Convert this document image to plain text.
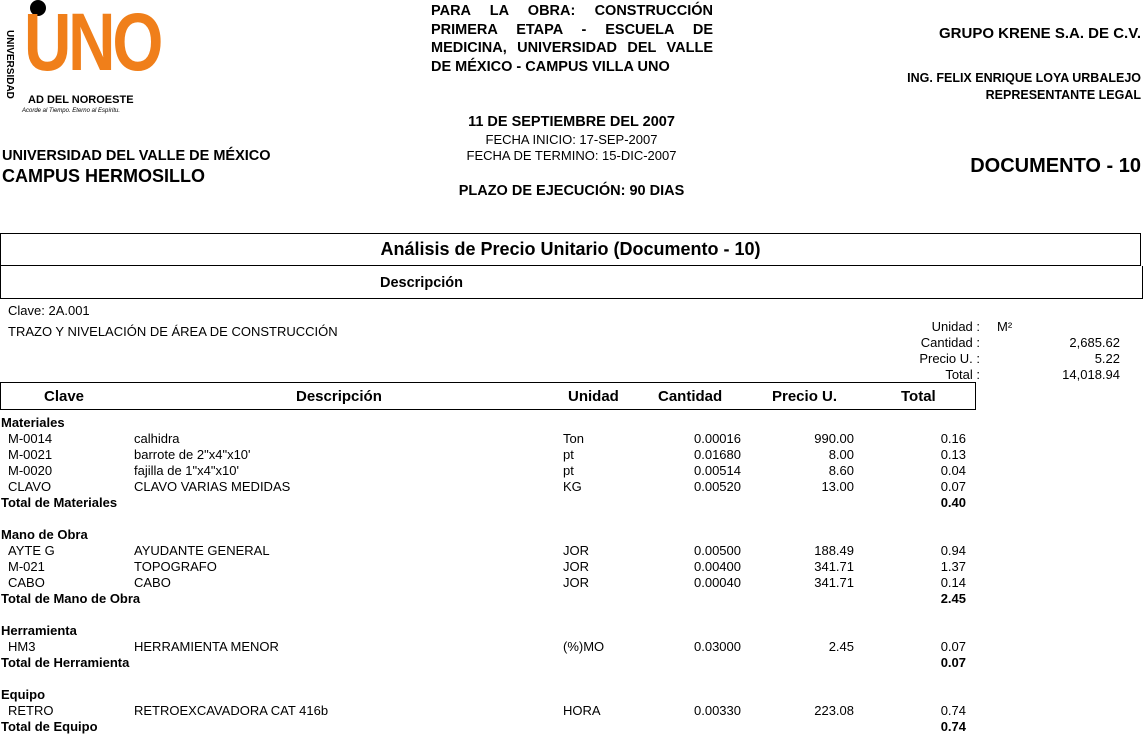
UNIVERSIDAD UNO
AD DEL NOROESTE
Acorde al Tiempo. Eterno al Espíritu.
PARA LA OBRA: CONSTRUCCIÓN PRIMERA ETAPA - ESCUELA DE MEDICINA, UNIVERSIDAD DEL VALLE DE MÉXICO - CAMPUS VILLA UNO
11 DE SEPTIEMBRE DEL 2007
FECHA INICIO: 17-SEP-2007
FECHA DE TERMINO: 15-DIC-2007
PLAZO DE EJECUCIÓN: 90 DIAS
UNIVERSIDAD DEL VALLE DE MÉXICO
CAMPUS HERMOSILLO
GRUPO KRENE S.A. DE C.V.
ING. FELIX ENRIQUE LOYA URBALEJO
REPRESENTANTE LEGAL
DOCUMENTO - 10
Análisis de Precio Unitario (Documento - 10)
Descripción
Clave: 2A.001
TRAZO Y NIVELACIÓN DE ÁREA DE CONSTRUCCIÓN	Unidad : M²
Cantidad :	2,685.62
Precio U. :	5.22
Total :	14,018.94
Clave	Descripción	Unidad	Cantidad	Precio U.	Total
Materiales
M-0014	calhidra	Ton	0.00016	990.00	0.16
M-0021	barrote de 2"x4"x10'	pt	0.01680	8.00	0.13
M-0020	fajilla de 1"x4"x10'	pt	0.00514	8.60	0.04
CLAVO	CLAVO VARIAS MEDIDAS	KG	0.00520	13.00	0.07
Total de Materiales	0.40
Mano de Obra
AYTE G	AYUDANTE GENERAL	JOR	0.00500	188.49	0.94
M-021	TOPOGRAFO	JOR	0.00400	341.71	1.37
CABO	CABO	JOR	0.00040	341.71	0.14
Total de Mano de Obra	2.45
Herramienta
HM3	HERRAMIENTA MENOR	(%)MO	0.03000	2.45	0.07
Total de Herramienta	0.07
Equipo
RETRO	RETROEXCAVADORA CAT 416b	HORA	0.00330	223.08	0.74
Total de Equipo	0.74
